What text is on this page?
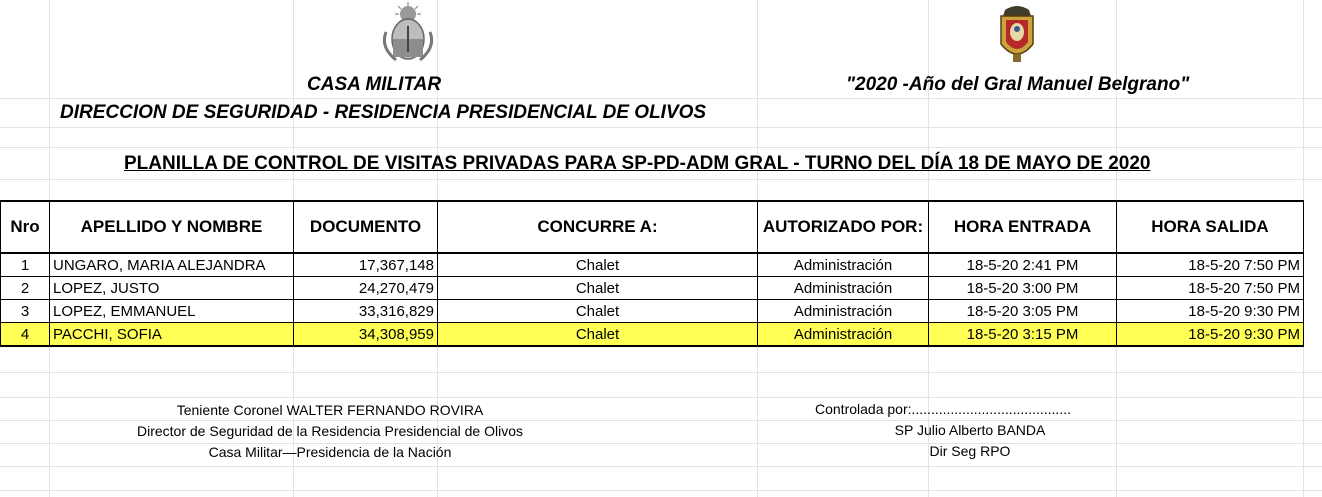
CASA MILITAR	"2020 -Año del Gral Manuel Belgrano"
DIRECCION DE SEGURIDAD - RESIDENCIA PRESIDENCIAL DE OLIVOS
PLANILLA DE CONTROL DE VISITAS PRIVADAS PARA SP-PD-ADM GRAL - TURNO DEL DÍA 18 DE MAYO DE 2020
Nro	APELLIDO Y NOMBRE	DOCUMENTO	CONCURRE A:	AUTORIZADO POR:	HORA ENTRADA	HORA SALIDA
1	UNGARO, MARIA ALEJANDRA	17,367,148	Chalet	Administración	18-5-20 2:41 PM	18-5-20 7:50 PM
2	LOPEZ, JUSTO	24,270,479	Chalet	Administración	18-5-20 3:00 PM	18-5-20 7:50 PM
3	LOPEZ, EMMANUEL	33,316,829	Chalet	Administración	18-5-20 3:05 PM	18-5-20 9:30 PM
4	PACCHI, SOFIA	34,308,959	Chalet	Administración	18-5-20 3:15 PM	18-5-20 9:30 PM
Teniente Coronel WALTER FERNANDO ROVIRA
Director de Seguridad de la Residencia Presidencial de Olivos
Casa Militar—Presidencia de la Nación
Controlada por:.........................................
SP Julio Alberto BANDA
Dir Seg RPO
